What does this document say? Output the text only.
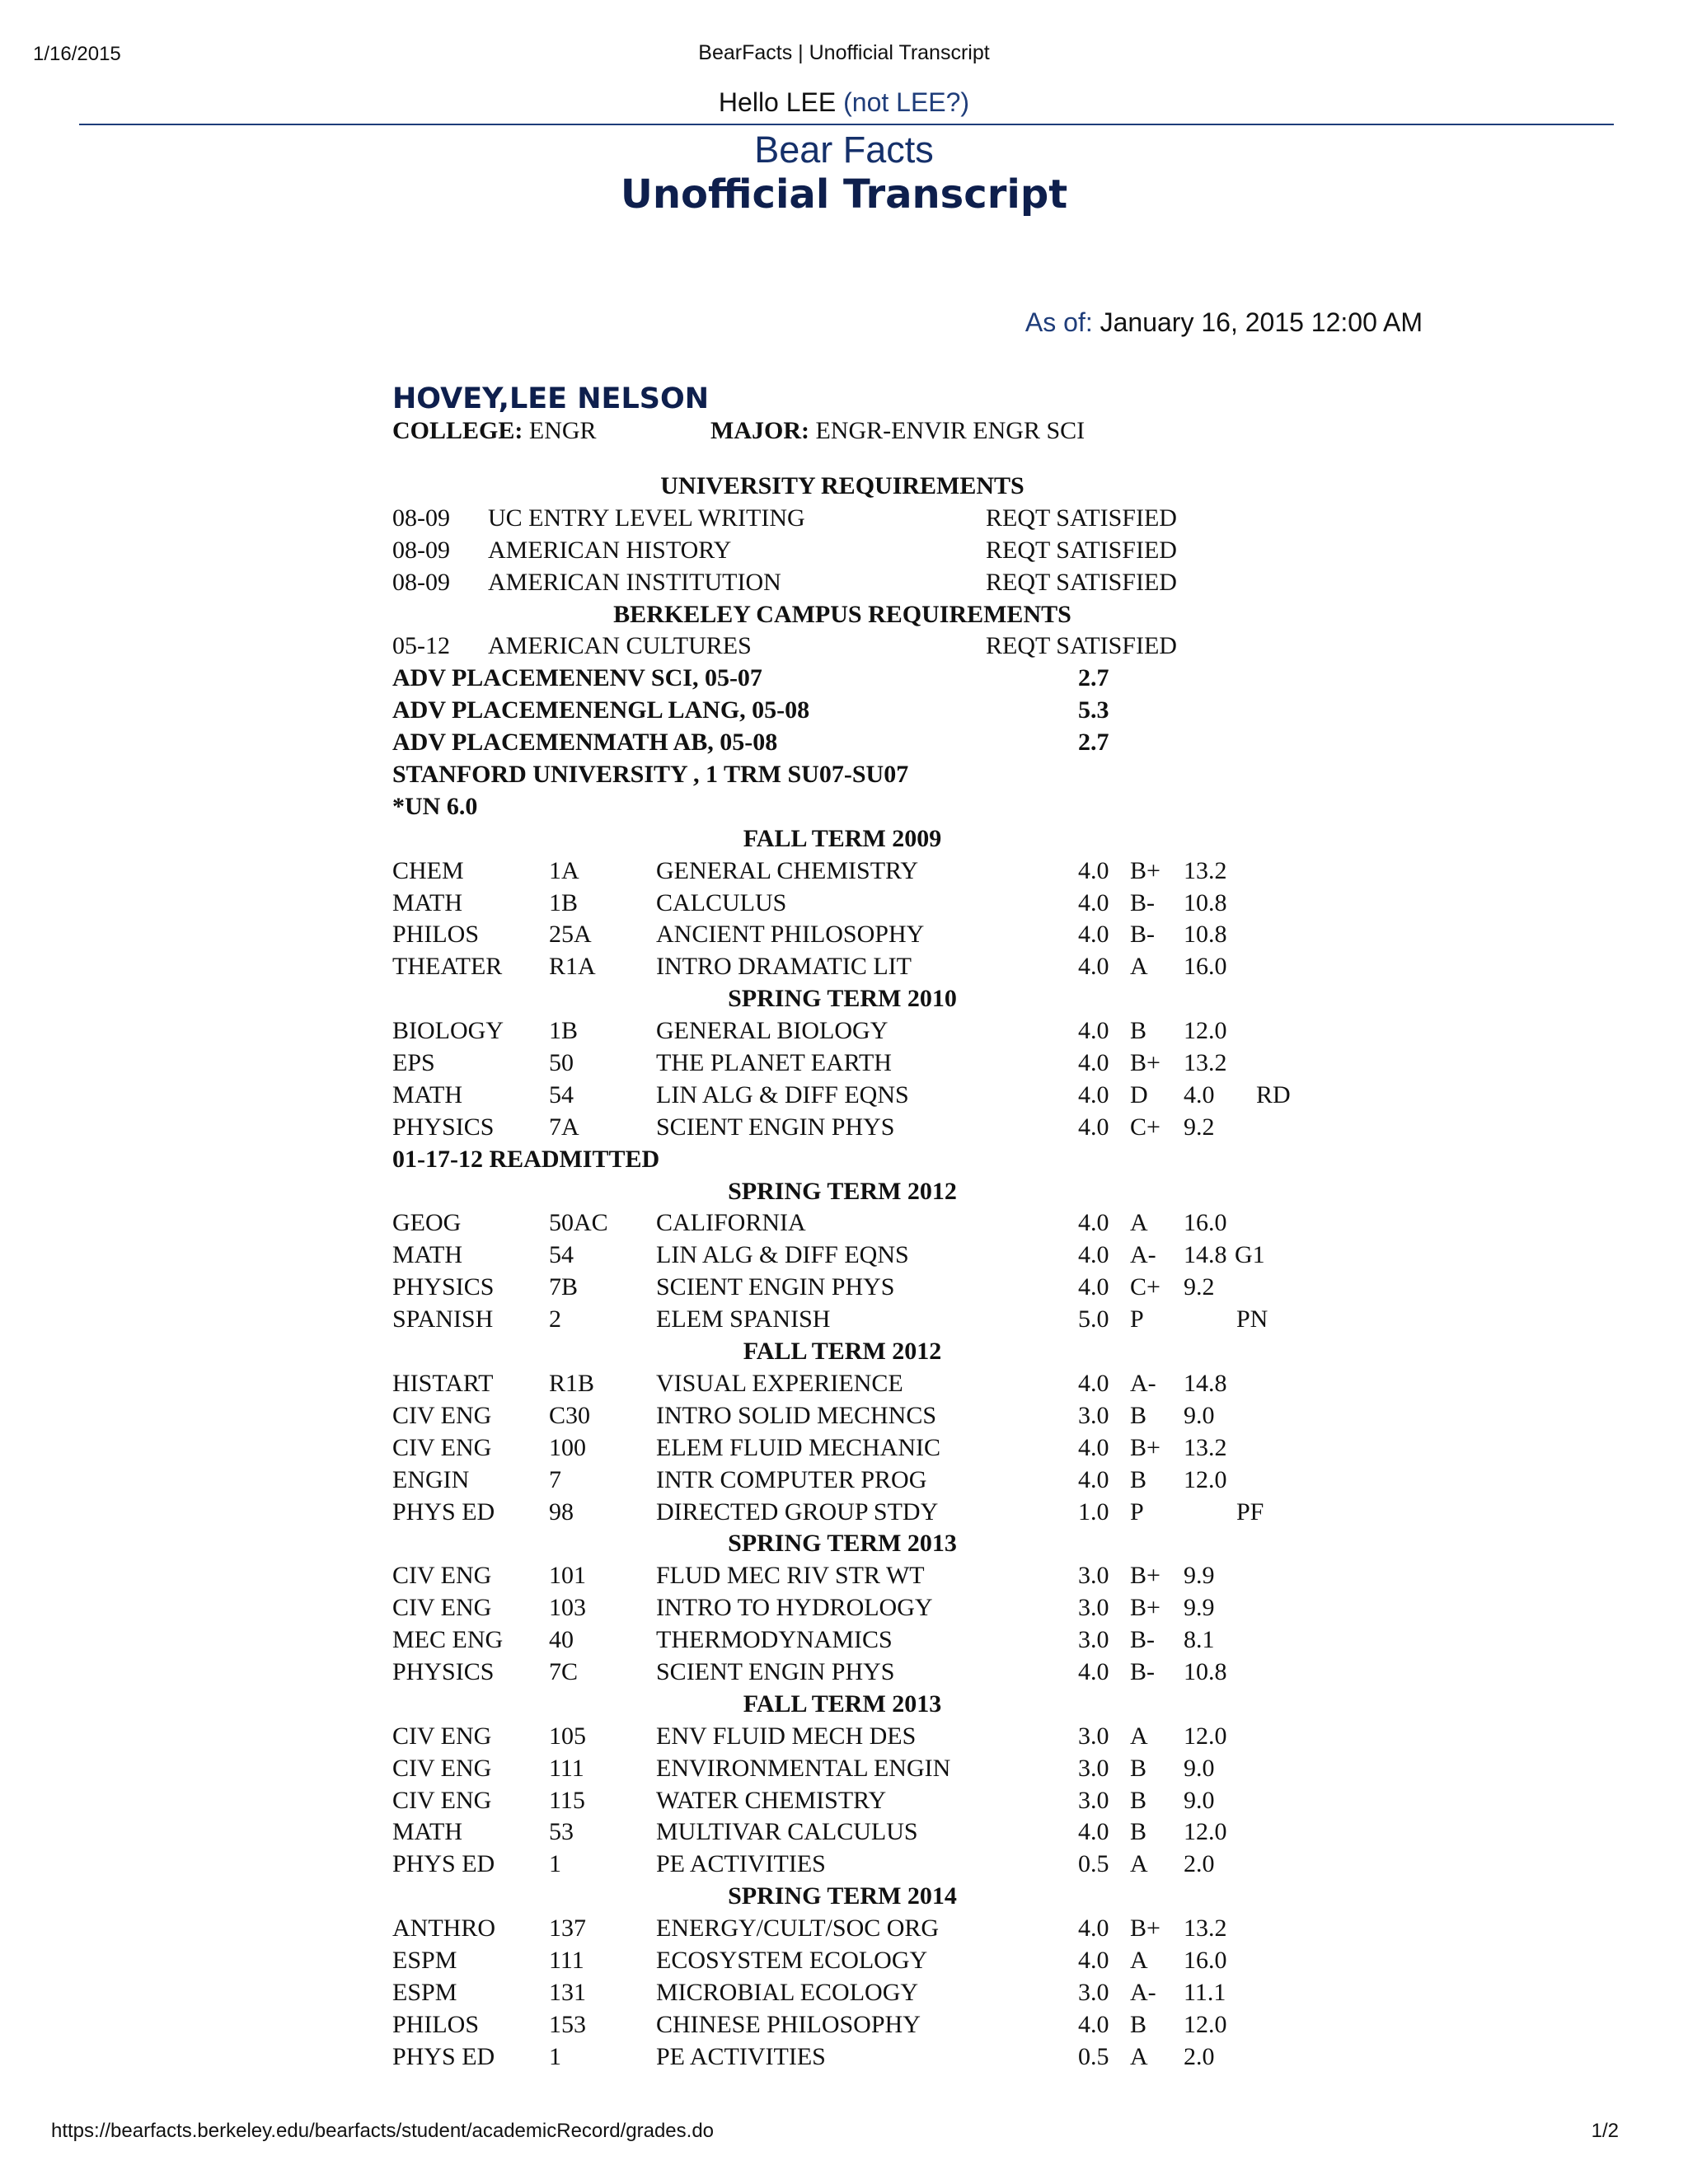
1/16/2015	BearFacts | Unofficial Transcript
Hello LEE (not LEE?)
Bear Facts
Unofficial Transcript
As of: January 16, 2015 12:00 AM
HOVEY,LEE NELSON
COLLEGE: ENGR	MAJOR: ENGR-ENVIR ENGR SCI
UNIVERSITY REQUIREMENTS
08-09 UC ENTRY LEVEL WRITING	REQT SATISFIED
08-09 AMERICAN HISTORY	REQT SATISFIED
08-09 AMERICAN INSTITUTION	REQT SATISFIED
BERKELEY CAMPUS REQUIREMENTS
05-12 AMERICAN CULTURES	REQT SATISFIED
ADV PLACEMENENV SCI, 05-07	2.7
ADV PLACEMENENGL LANG, 05-08	5.3
ADV PLACEMENMATH AB, 05-08	2.7
STANFORD UNIVERSITY , 1 TRM SU07-SU07
*UN 6.0
FALL TERM 2009
CHEM	1A	GENERAL CHEMISTRY	4.0 B+ 13.2
MATH	1B	CALCULUS	4.0 B- 10.8
PHILOS	25A	ANCIENT PHILOSOPHY	4.0 B- 10.8
THEATER R1A INTRO DRAMATIC LIT	4.0 A 16.0
SPRING TERM 2010
BIOLOGY 1B	GENERAL BIOLOGY	4.0 B 12.0
EPS	50	THE PLANET EARTH	4.0 B+ 13.2
MATH	54	LIN ALG & DIFF EQNS	4.0 D 4.0 RD
PHYSICS 7A	SCIENT ENGIN PHYS	4.0 C+ 9.2
01-17-12 READMITTED
SPRING TERM 2012
GEOG	50AC CALIFORNIA	4.0 A 16.0
MATH	54	LIN ALG & DIFF EQNS	4.0 A- 14.8 G1
PHYSICS 7B	SCIENT ENGIN PHYS	4.0 C+ 9.2
SPANISH 2	ELEM SPANISH	5.0 P	PN
FALL TERM 2012
HISTART R1B VISUAL EXPERIENCE	4.0 A- 14.8
CIV ENG C30	INTRO SOLID MECHNCS	3.0 B 9.0
CIV ENG 100	ELEM FLUID MECHANIC	4.0 B+ 13.2
ENGIN	7	INTR COMPUTER PROG	4.0 B 12.0
PHYS ED 98	DIRECTED GROUP STDY	1.0 P	PF
SPRING TERM 2013
CIV ENG 101	FLUD MEC RIV STR WT	3.0 B+ 9.9
CIV ENG 103	INTRO TO HYDROLOGY	3.0 B+ 9.9
MEC ENG 40	THERMODYNAMICS	3.0 B- 8.1
PHYSICS 7C	SCIENT ENGIN PHYS	4.0 B- 10.8
FALL TERM 2013
CIV ENG 105	ENV FLUID MECH DES	3.0 A 12.0
CIV ENG 111	ENVIRONMENTAL ENGIN	3.0 B 9.0
CIV ENG 115	WATER CHEMISTRY	3.0 B 9.0
MATH	53	MULTIVAR CALCULUS	4.0 B 12.0
PHYS ED 1	PE ACTIVITIES	0.5 A 2.0
SPRING TERM 2014
ANTHRO 137	ENERGY/CULT/SOC ORG	4.0 B+ 13.2
ESPM	111	ECOSYSTEM ECOLOGY	4.0 A 16.0
ESPM	131	MICROBIAL ECOLOGY	3.0 A- 11.1
PHILOS	153	CHINESE PHILOSOPHY	4.0 B 12.0
PHYS ED 1	PE ACTIVITIES	0.5 A 2.0
https://bearfacts.berkeley.edu/bearfacts/student/academicRecord/grades.do	1/2
